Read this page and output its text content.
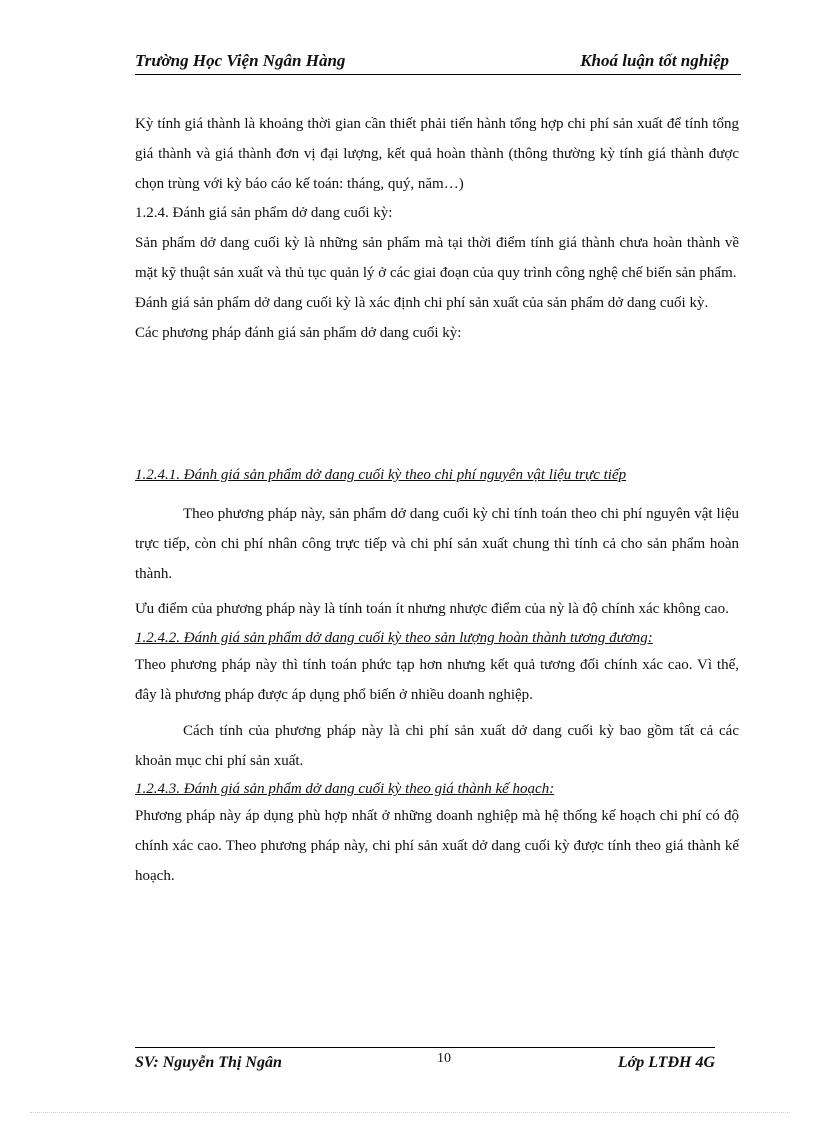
Trường Học Viện Ngân Hàng	Khoá luận tốt nghiệp

Kỳ tính giá thành là khoảng thời gian cần thiết phải tiến hành tổng hợp chi phí sản xuất để tính tổng giá thành và giá thành đơn vị đại lượng, kết quả hoàn thành (thông thường kỳ tính giá thành được chọn trùng với kỳ báo cáo kế toán: tháng, quý, năm…)

1.2.4. Đánh giá sản phẩm dở dang cuối kỳ:

Sản phẩm dở dang cuối kỳ là những sản phẩm mà tại thời điểm tính giá thành chưa hoàn thành về mặt kỹ thuật sản xuất và thủ tục quản lý ở các giai đoạn của quy trình công nghệ chế biến sản phẩm.

Đánh giá sản phẩm dở dang cuối kỳ là xác định chi phí sản xuất của sản phẩm dở dang cuối kỳ.

Các phương pháp đánh giá sản phẩm dở dang cuối kỳ:

1.2.4.1. Đánh giá sản phẩm dở dang cuối kỳ theo chi phí nguyên vật liệu trực tiếp

Theo phương pháp này, sản phẩm dở dang cuối kỳ chỉ tính toán theo chi phí nguyên vật liệu trực tiếp, còn chi phí nhân công trực tiếp và chi phí sản xuất chung thì tính cả cho sản phẩm hoàn thành.

Ưu điểm của phương pháp này là tính toán ít nhưng nhược điểm của nỳ là độ chính xác không cao.

1.2.4.2. Đánh giá sản phẩm dở dang cuối kỳ theo sản lượng hoàn thành tương đương:

Theo phương pháp này thì tính toán phức tạp hơn nhưng kết quả tương đối chính xác cao. Vì thế, đây là phương pháp được áp dụng phổ biến ở nhiều doanh nghiệp.

Cách tính của phương pháp này là chi phí sản xuất dở dang cuối kỳ bao gồm tất cả các khoản mục chi phí sản xuất.

1.2.4.3. Đánh giá sản phẩm dở dang cuối kỳ theo giá thành kế hoạch:

Phương pháp này áp dụng phù hợp nhất ở những doanh nghiệp mà hệ thống kế hoạch chi phí có độ chính xác cao. Theo phương pháp này, chi phí sản xuất dở dang cuối kỳ được tính theo giá thành kế hoạch.

SV: Nguyễn Thị Ngân	10	Lớp LTĐH 4G
